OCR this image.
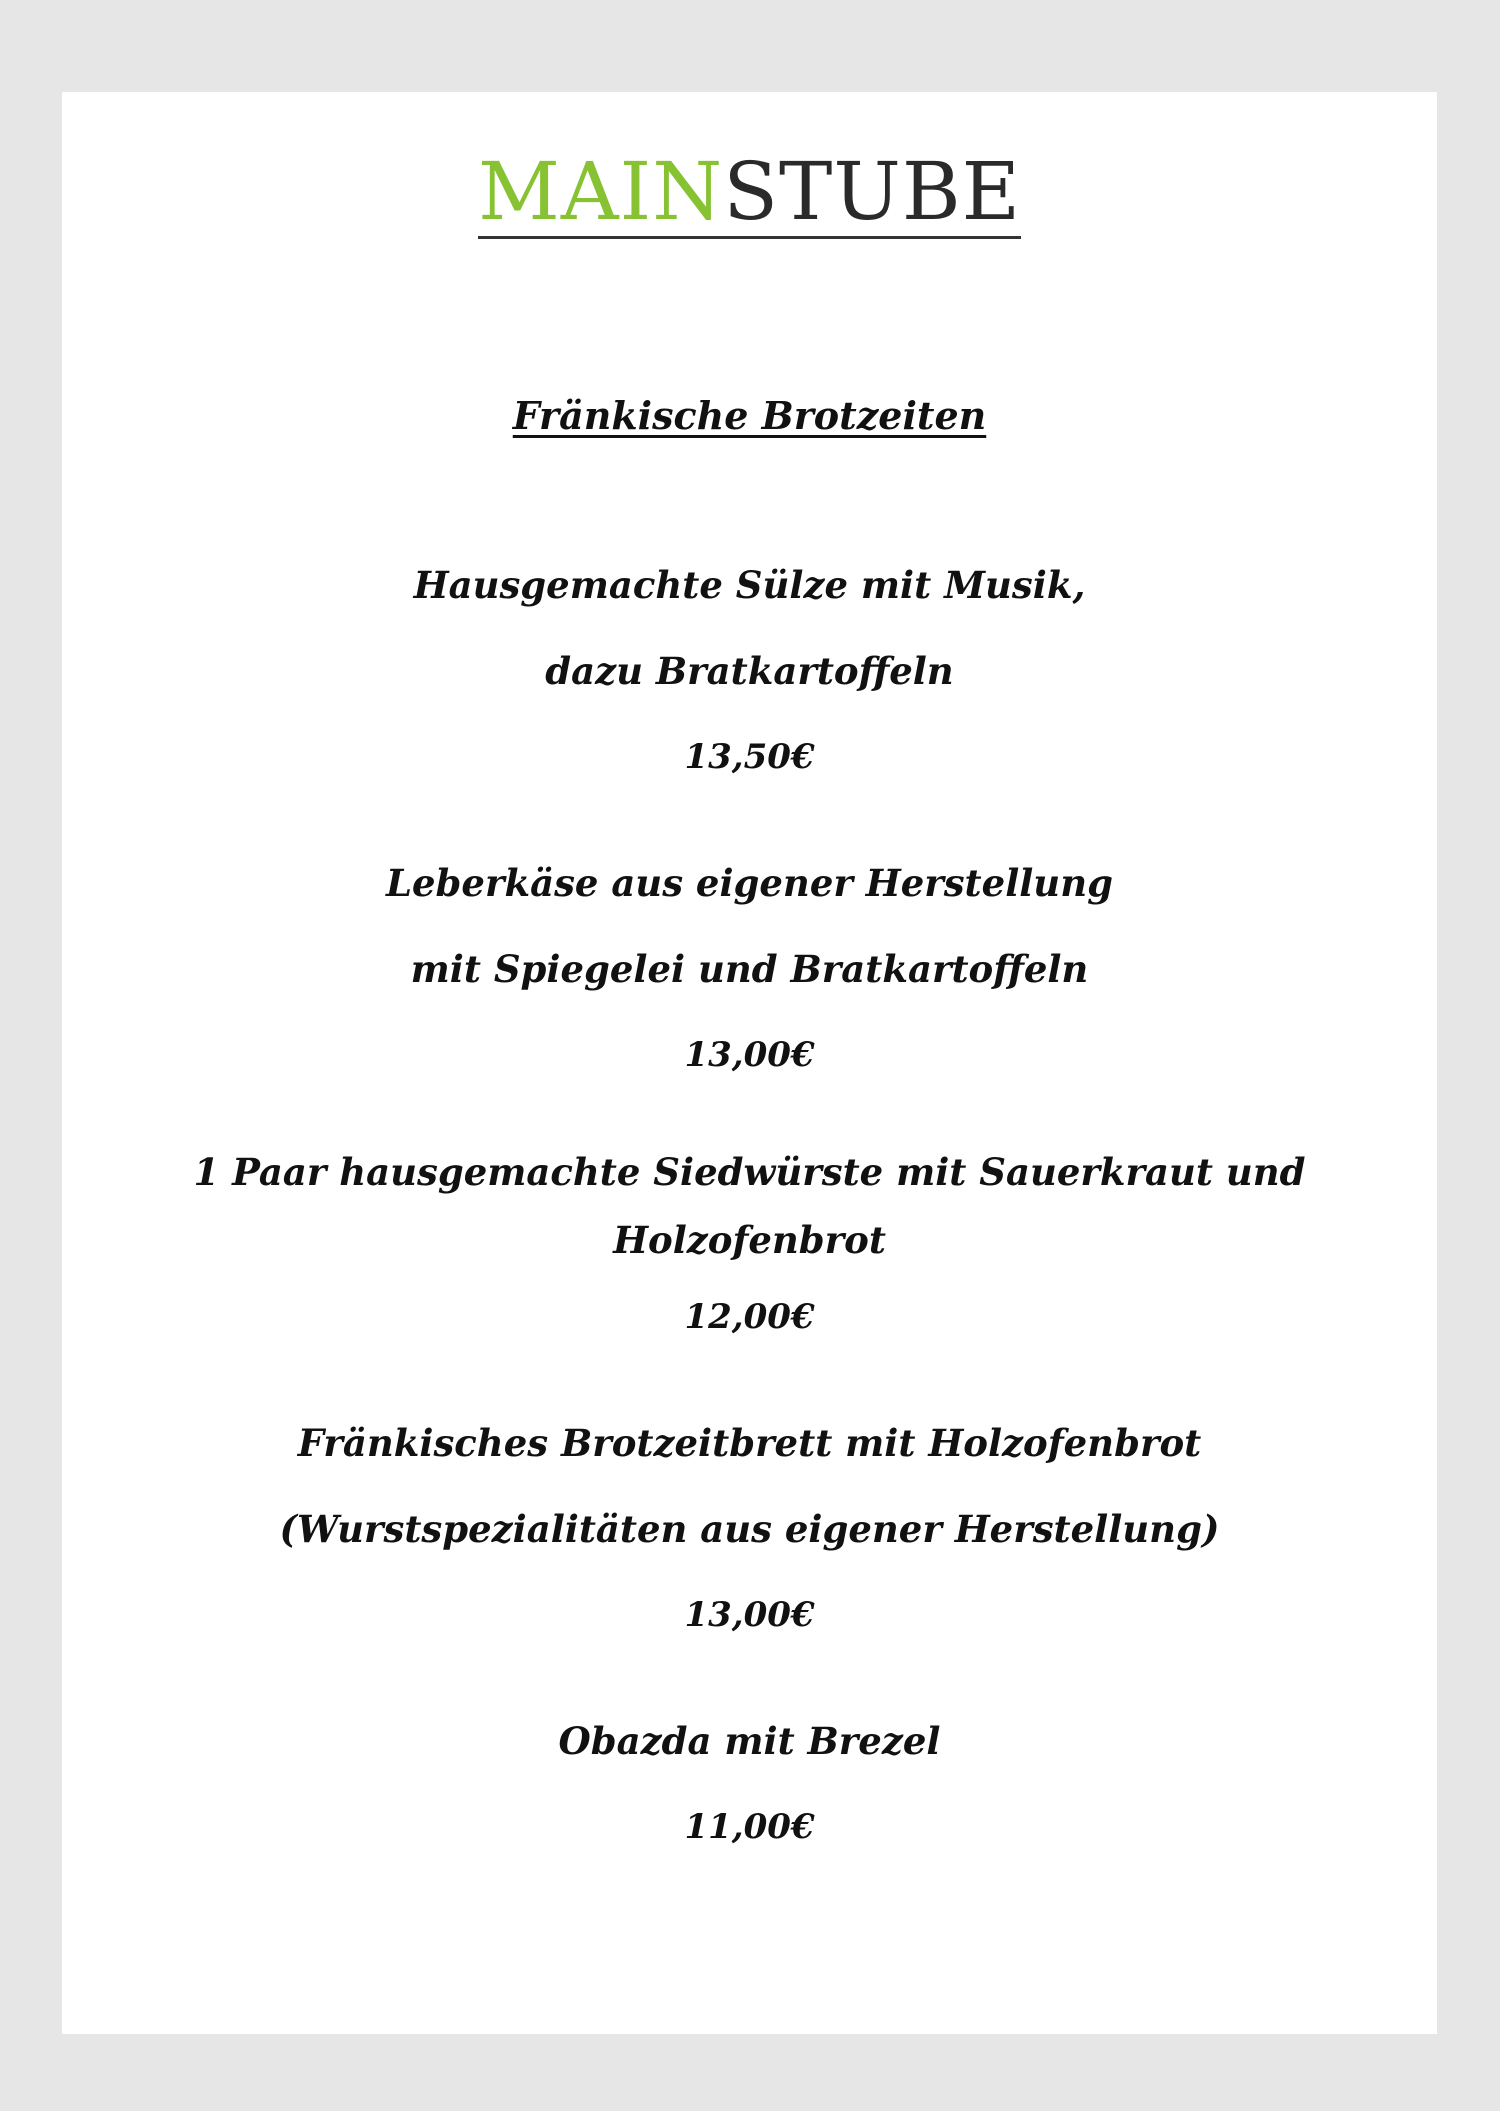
MAINSTUBE

Fränkische Brotzeiten

Hausgemachte Sülze mit Musik,
dazu Bratkartoffeln
13,50€
Leberkäse aus eigener Herstellung
mit Spiegelei und Bratkartoffeln
13,00€
1 Paar hausgemachte Siedwürste mit Sauerkraut und
Holzofenbrot
12,00€
Fränkisches Brotzeitbrett mit Holzofenbrot
(Wurstspezialitäten aus eigener Herstellung)
13,00€
Obazda mit Brezel
11,00€
